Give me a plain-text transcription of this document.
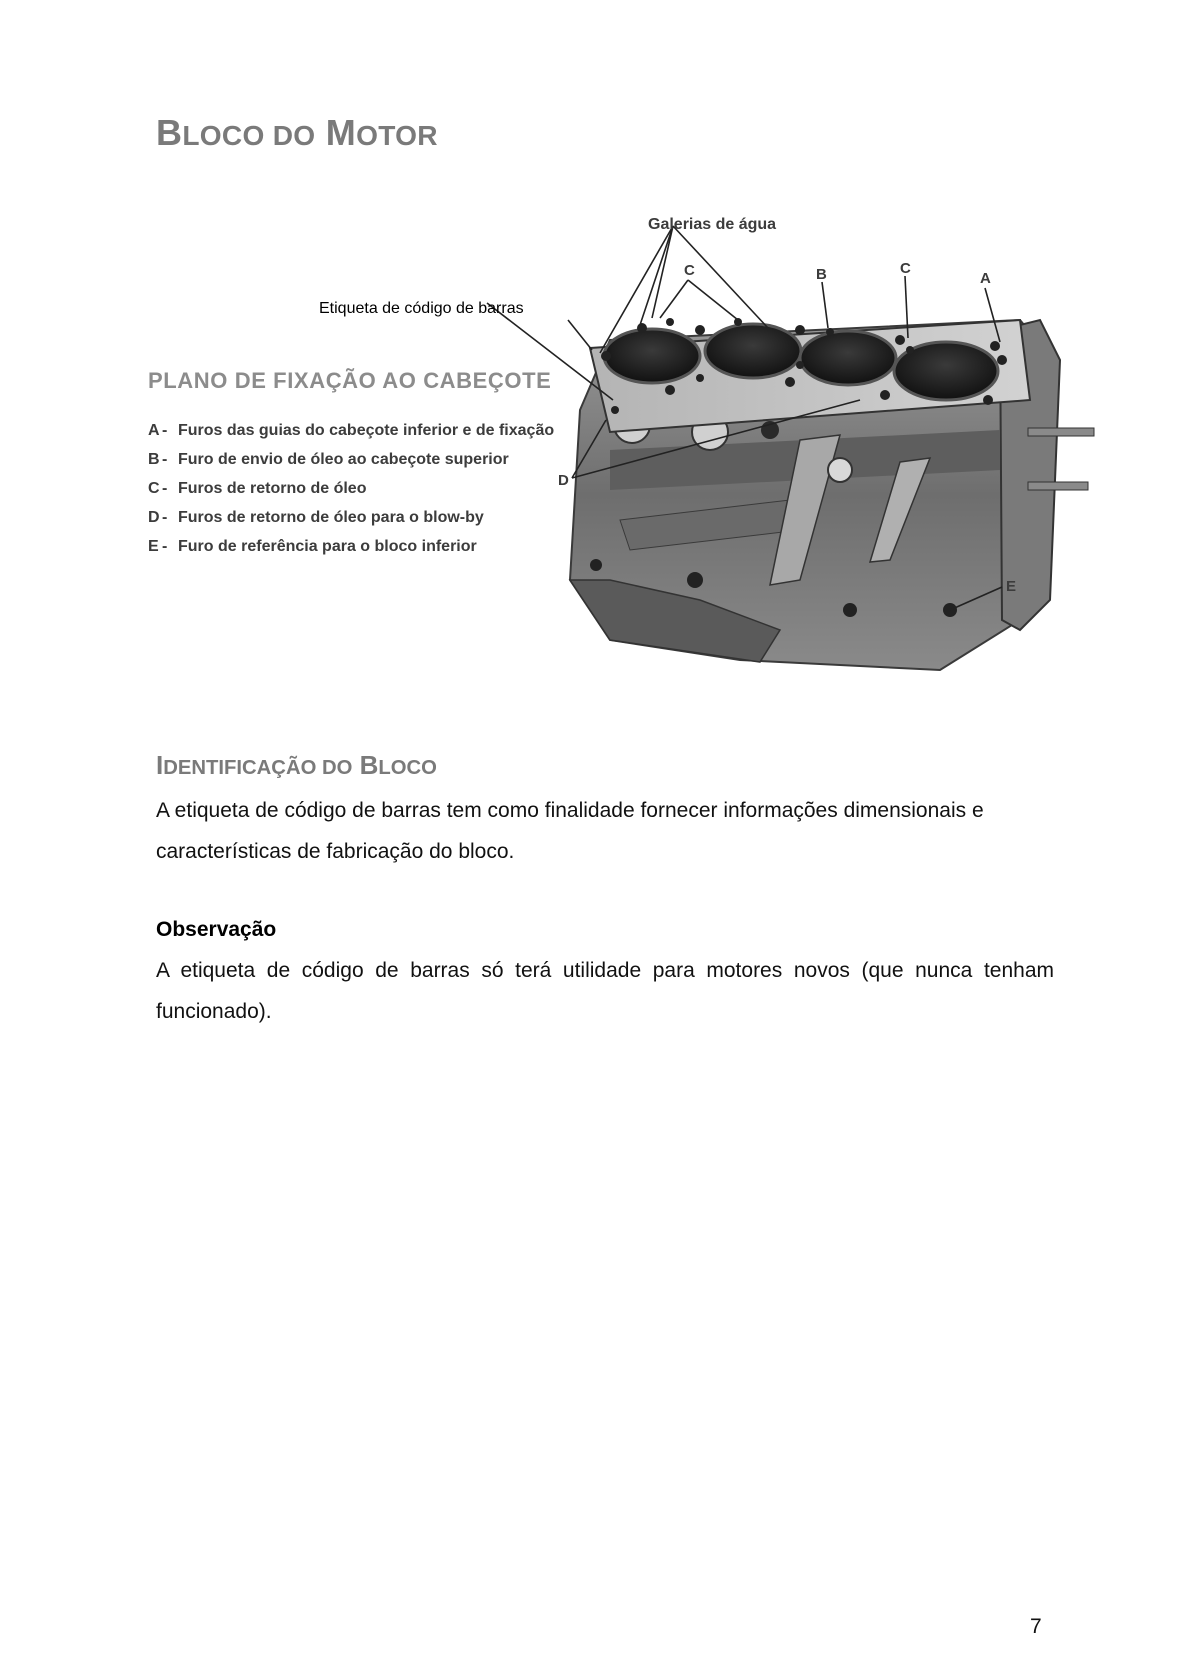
BLOCO DO MOTOR
Etiqueta de código de barras
Galerias de água
C	B	C
A
D
E
PLANO DE FIXAÇÃO AO CABEÇOTE
A - Furos das guias do cabeçote inferior e de fixação
B - Furo de envio de óleo ao cabeçote superior
C - Furos de retorno de óleo
D - Furos de retorno de óleo para o blow-by
E - Furo de referência para o bloco inferior
IDENTIFICAÇÃO DO BLOCO

A etiqueta de código de barras tem como finalidade fornecer informações dimensionais e características de fabricação do bloco.

Observação

A etiqueta de código de barras só terá utilidade para motores novos (que nunca tenham funcionado).

7
